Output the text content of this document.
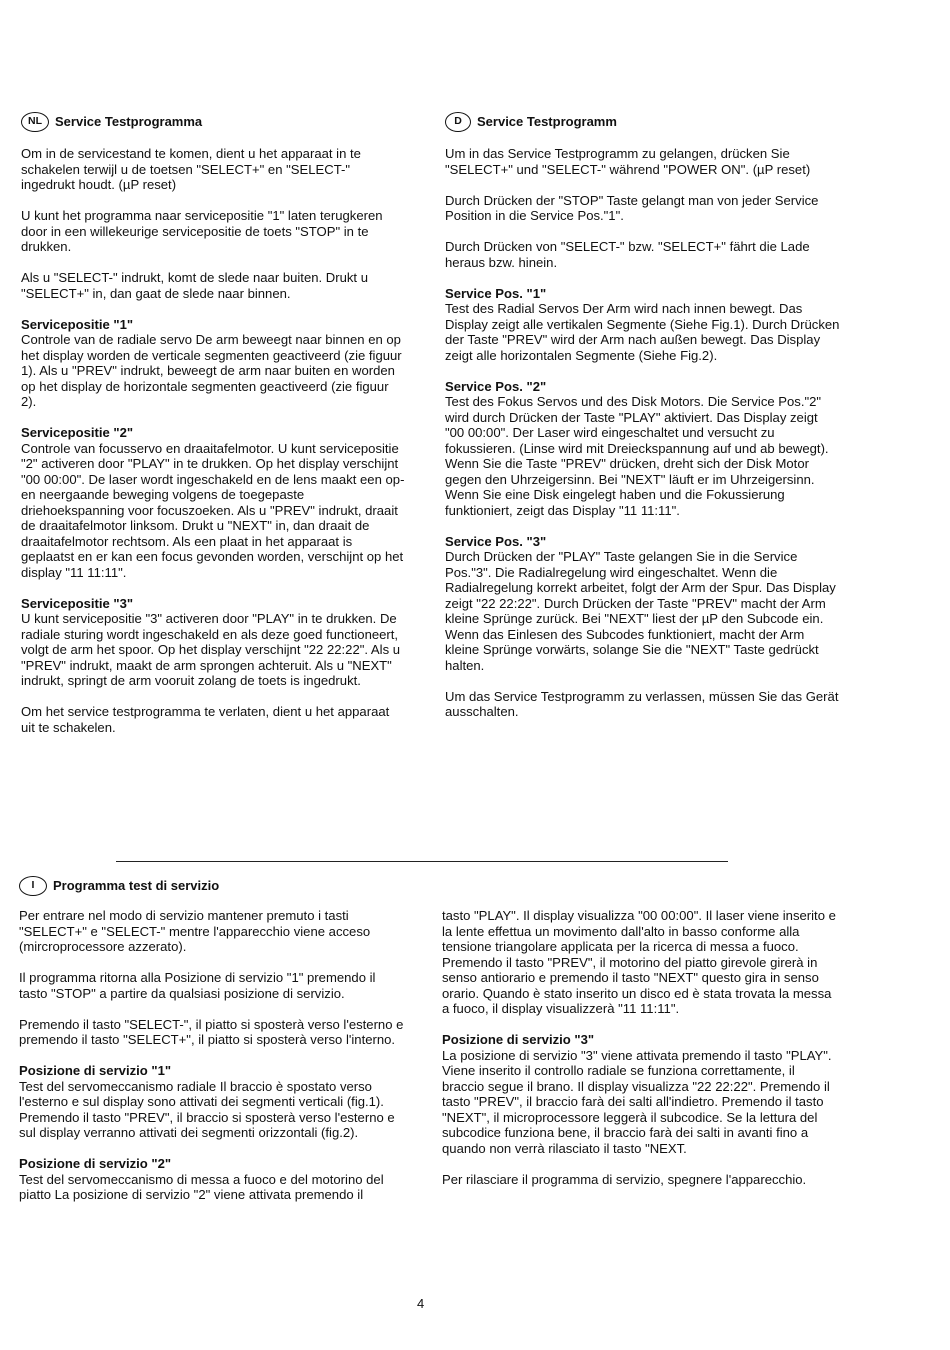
NL	Service Testprogramma

Om in de servicestand te komen, dient u het apparaat in te schakelen terwijl u de toetsen "SELECT+" en "SELECT-" ingedrukt houdt. (µP reset)

U kunt het programma naar servicepositie "1" laten terugkeren door in een willekeurige servicepositie de toets "STOP" in te drukken.

Als u "SELECT-" indrukt, komt de slede naar buiten. Drukt u "SELECT+" in, dan gaat de slede naar binnen.

Servicepositie "1"
Controle van de radiale servo De arm beweegt naar binnen en op het display worden de verticale segmenten geactiveerd (zie figuur 1). Als u "PREV" indrukt, beweegt de arm naar buiten en worden op het display de horizontale segmenten geactiveerd (zie figuur 2).

Servicepositie "2"
Controle van focusservo en draaitafelmotor. U kunt servicepositie "2" activeren door "PLAY" in te drukken. Op het display verschijnt "00 00:00". De laser wordt ingeschakeld en de lens maakt een op- en neergaande beweging volgens de toegepaste driehoekspanning voor focuszoeken. Als u "PREV" indrukt, draait de draaitafelmotor linksom. Drukt u "NEXT" in, dan draait de draaitafelmotor rechtsom. Als een plaat in het apparaat is geplaatst en er kan een focus gevonden worden, verschijnt op het display "11 11:11".

Servicepositie "3"
U kunt servicepositie "3" activeren door "PLAY" in te drukken. De radiale sturing wordt ingeschakeld en als deze goed functioneert, volgt de arm het spoor. Op het display verschijnt "22 22:22". Als u "PREV" indrukt, maakt de arm sprongen achteruit. Als u "NEXT" indrukt, springt de arm vooruit zolang de toets is ingedrukt.

Om het service testprogramma te verlaten, dient u het apparaat uit te schakelen.

D	Service Testprogramm

Um in das Service Testprogramm zu gelangen, drücken Sie "SELECT+" und "SELECT-" während "POWER ON". (µP reset)

Durch Drücken der "STOP" Taste gelangt man von jeder Service Position in die Service Pos."1".

Durch Drücken von "SELECT-" bzw. "SELECT+" fährt die Lade heraus bzw. hinein.

Service Pos. "1"
Test des Radial Servos Der Arm wird nach innen bewegt. Das Display zeigt alle vertikalen Segmente (Siehe Fig.1). Durch Drücken der Taste "PREV" wird der Arm nach außen bewegt. Das Display zeigt alle horizontalen Segmente (Siehe Fig.2).

Service Pos. "2"
Test des Fokus Servos und des Disk Motors. Die Service Pos."2" wird durch Drücken der Taste "PLAY" aktiviert. Das Display zeigt "00 00:00". Der Laser wird eingeschaltet und versucht zu fokussieren. (Linse wird mit Dreieckspannung auf und ab bewegt). Wenn Sie die Taste "PREV" drücken, dreht sich der Disk Motor gegen den Uhrzeigersinn. Bei "NEXT" läuft er im Uhrzeigersinn. Wenn Sie eine Disk eingelegt haben und die Fokussierung funktioniert, zeigt das Display "11 11:11".

Service Pos. "3"
Durch Drücken der "PLAY" Taste gelangen Sie in die Service Pos."3". Die Radialregelung wird eingeschaltet. Wenn die Radialregelung korrekt arbeitet, folgt der Arm der Spur. Das Display zeigt "22 22:22". Durch Drücken der Taste "PREV" macht der Arm kleine Sprünge zurück. Bei "NEXT" liest der µP den Subcode ein. Wenn das Einlesen des Subcodes funktioniert, macht der Arm kleine Sprünge vorwärts, solange Sie die "NEXT" Taste gedrückt halten.

Um das Service Testprogramm zu verlassen, müssen Sie das Gerät ausschalten.

I	Programma test di servizio

Per entrare nel modo di servizio mantener premuto i tasti "SELECT+" e "SELECT-" mentre l'apparecchio viene acceso (mircroprocessore azzerato).

Il programma ritorna alla Posizione di servizio "1" premendo il tasto "STOP" a partire da qualsiasi posizione di servizio.

Premendo il tasto "SELECT-", il piatto si sposterà verso l'esterno e premendo il tasto "SELECT+", il piatto si sposterà verso l'interno.

Posizione di servizio "1"
Test del servomeccanismo radiale Il braccio è spostato verso l'esterno e sul display sono attivati dei segmenti verticali (fig.1). Premendo il tasto "PREV", il braccio si sposterà verso l'esterno e sul display verranno attivati dei segmenti orizzontali (fig.2).

Posizione di servizio "2"
Test del servomeccanismo di messa a fuoco e del motorino del piatto La posizione di servizio "2" viene attivata premendo il

tasto "PLAY". Il display visualizza "00 00:00". Il laser viene inserito e la lente effettua un movimento dall'alto in basso conforme alla tensione triangolare applicata per la ricerca di messa a fuoco. Premendo il tasto "PREV", il motorino del piatto girevole girerà in senso antiorario e premendo il tasto "NEXT" questo gira in senso orario. Quando è stato inserito un disco ed è stata trovata la messa a fuoco, il display visualizzerà "11 11:11".

Posizione di servizio "3"
La posizione di servizio "3" viene attivata premendo il tasto "PLAY". Viene inserito il controllo radiale se funziona correttamente, il braccio segue il brano. Il display visualizza "22 22:22". Premendo il tasto "PREV", il braccio farà dei salti all'indietro. Premendo il tasto "NEXT", il microprocessore leggerà il subcodice. Se la lettura del subcodice funziona bene, il braccio farà dei salti in avanti fino a quando non verrà rilasciato il tasto "NEXT.

Per rilasciare il programma di servizio, spegnere l'apparecchio.

4
